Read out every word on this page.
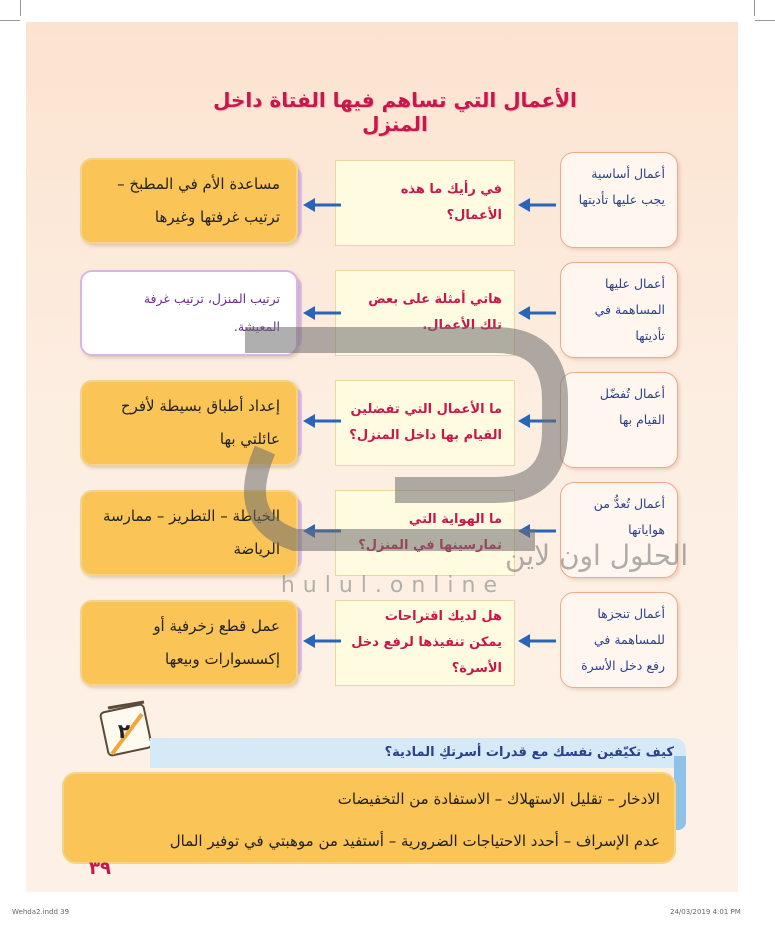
الأعمال التي تساهم فيها الفتاة داخل المنزل
أعمال أساسية يجب عليها تأديتها
في رأيك ما هذه الأعمال؟
مساعدة الأم في المطبخ – ترتيب غرفتها وغيرها
أعمال عليها المساهمة في تأديتها
هاتي أمثلة على بعض تلك الأعمال.
ترتيب المنزل، ترتيب غرفة المعيشة.
أعمال تُفضّل القيام بها
ما الأعمال التي تفضلين القيام بها داخل المنزل؟
إعداد أطباق بسيطة لأفرح عائلتي بها
أعمال تُعدُّ من هواياتها
ما الهواية التي تمارسينها في المنزل؟
الخياطة – التطريز – ممارسة الرياضة
أعمال تنجزها للمساهمة في رفع دخل الأسرة
هل لديك اقتراحات يمكن تنفيذها لرفع دخل الأسرة؟
عمل قطع زخرفية أو إكسسوارات وبيعها
الحلول اون لاين
hulul.online
٢
كيف تكيّفين نفسك مع قدرات أسرتكِ المادية؟
الادخار – تقليل الاستهلاك – الاستفادة من التخفيضات
عدم الإسراف – أحدد الاحتياجات الضرورية – أستفيد من موهبتي في توفير المال
٣٩
Wehda2.indd 39	24/03/2019 4:01 PM
